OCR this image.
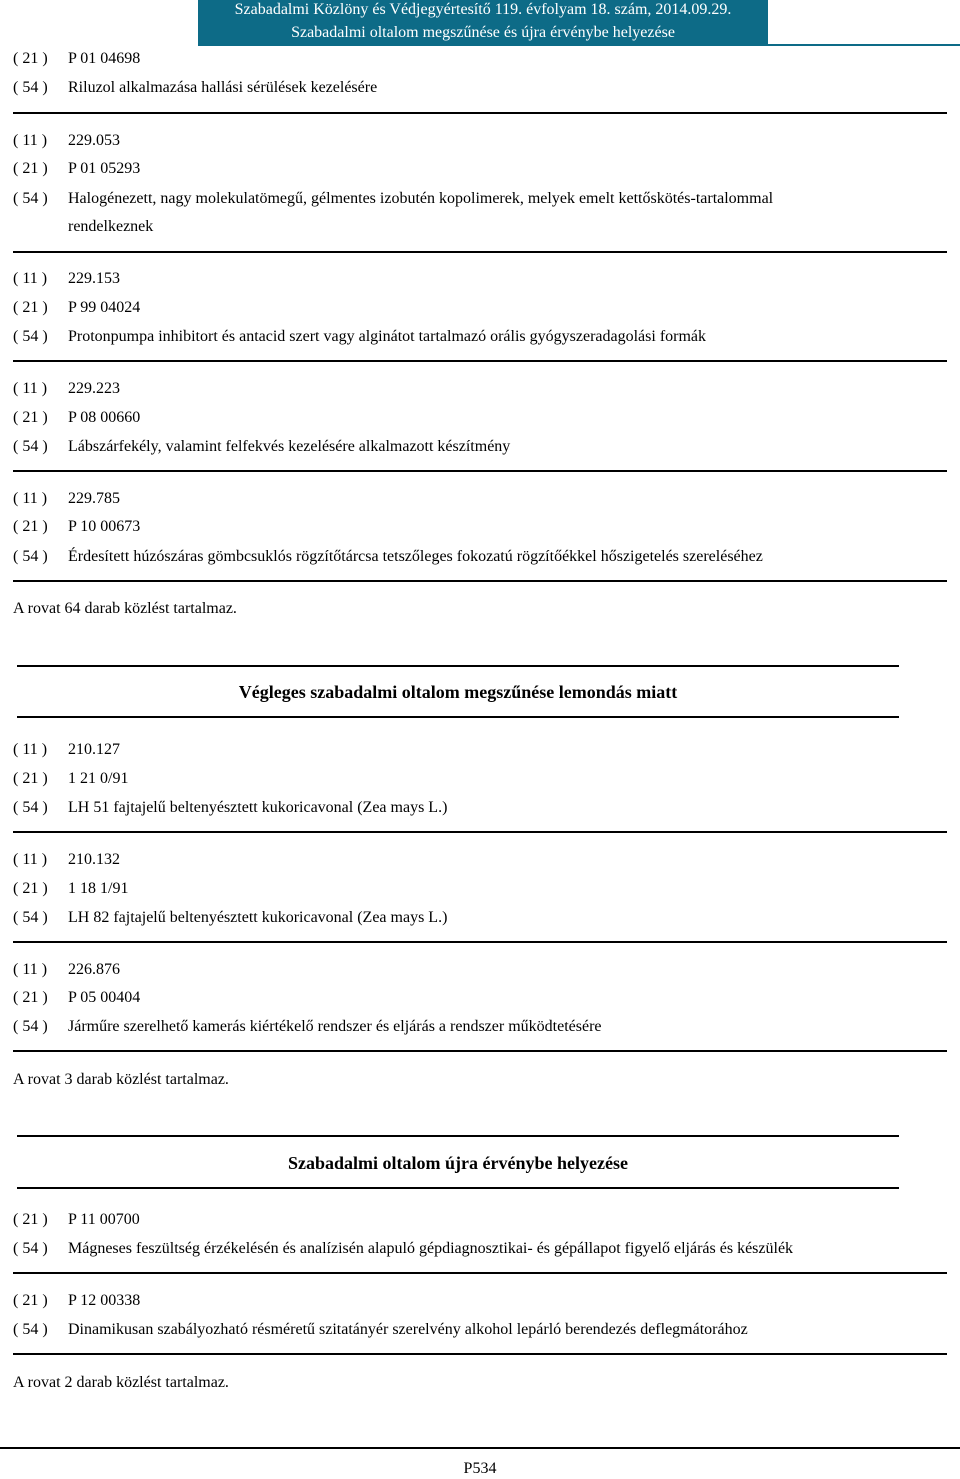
Szabadalmi Közlöny és Védjegyértesítő 119. évfolyam 18. szám, 2014.09.29.
Szabadalmi oltalom megszűnése és újra érvénybe helyezése
( 21 )	P 01 04698
( 54 )	Riluzol alkalmazása hallási sérülések kezelésére
( 11 )	229.053
( 21 )	P 01 05293
( 54 )	Halogénezett, nagy molekulatömegű, gélmentes izobutén kopolimerek, melyek emelt kettőskötés-tartalommal
rendelkeznek
( 11 )	229.153
( 21 )	P 99 04024
( 54 )	Protonpumpa inhibitort és antacid szert vagy alginátot tartalmazó orális gyógyszeradagolási formák
( 11 )	229.223
( 21 )	P 08 00660
( 54 )	Lábszárfekély, valamint felfekvés kezelésére alkalmazott készítmény
( 11 )	229.785
( 21 )	P 10 00673
( 54 )	Érdesített húzószáras gömbcsuklós rögzítőtárcsa tetszőleges fokozatú rögzítőékkel hőszigetelés szereléséhez
A rovat 64 darab közlést tartalmaz.
Végleges szabadalmi oltalom megszűnése lemondás miatt
( 11 )	210.127
( 21 )	1 21 0/91
( 54 )	LH 51 fajtajelű beltenyésztett kukoricavonal (Zea mays L.)
( 11 )	210.132
( 21 )	1 18 1/91
( 54 )	LH 82 fajtajelű beltenyésztett kukoricavonal (Zea mays L.)
( 11 )	226.876
( 21 )	P 05 00404
( 54 )	Járműre szerelhető kamerás kiértékelő rendszer és eljárás a rendszer működtetésére
A rovat 3 darab közlést tartalmaz.
Szabadalmi oltalom újra érvénybe helyezése
( 21 )	P 11 00700
( 54 )	Mágneses feszültség érzékelésén és analízisén alapuló gépdiagnosztikai- és gépállapot figyelő eljárás és készülék
( 21 )	P 12 00338
( 54 )	Dinamikusan szabályozható résméretű szitatányér szerelvény alkohol lepárló berendezés deflegmátorához
A rovat 2 darab közlést tartalmaz.
P534
